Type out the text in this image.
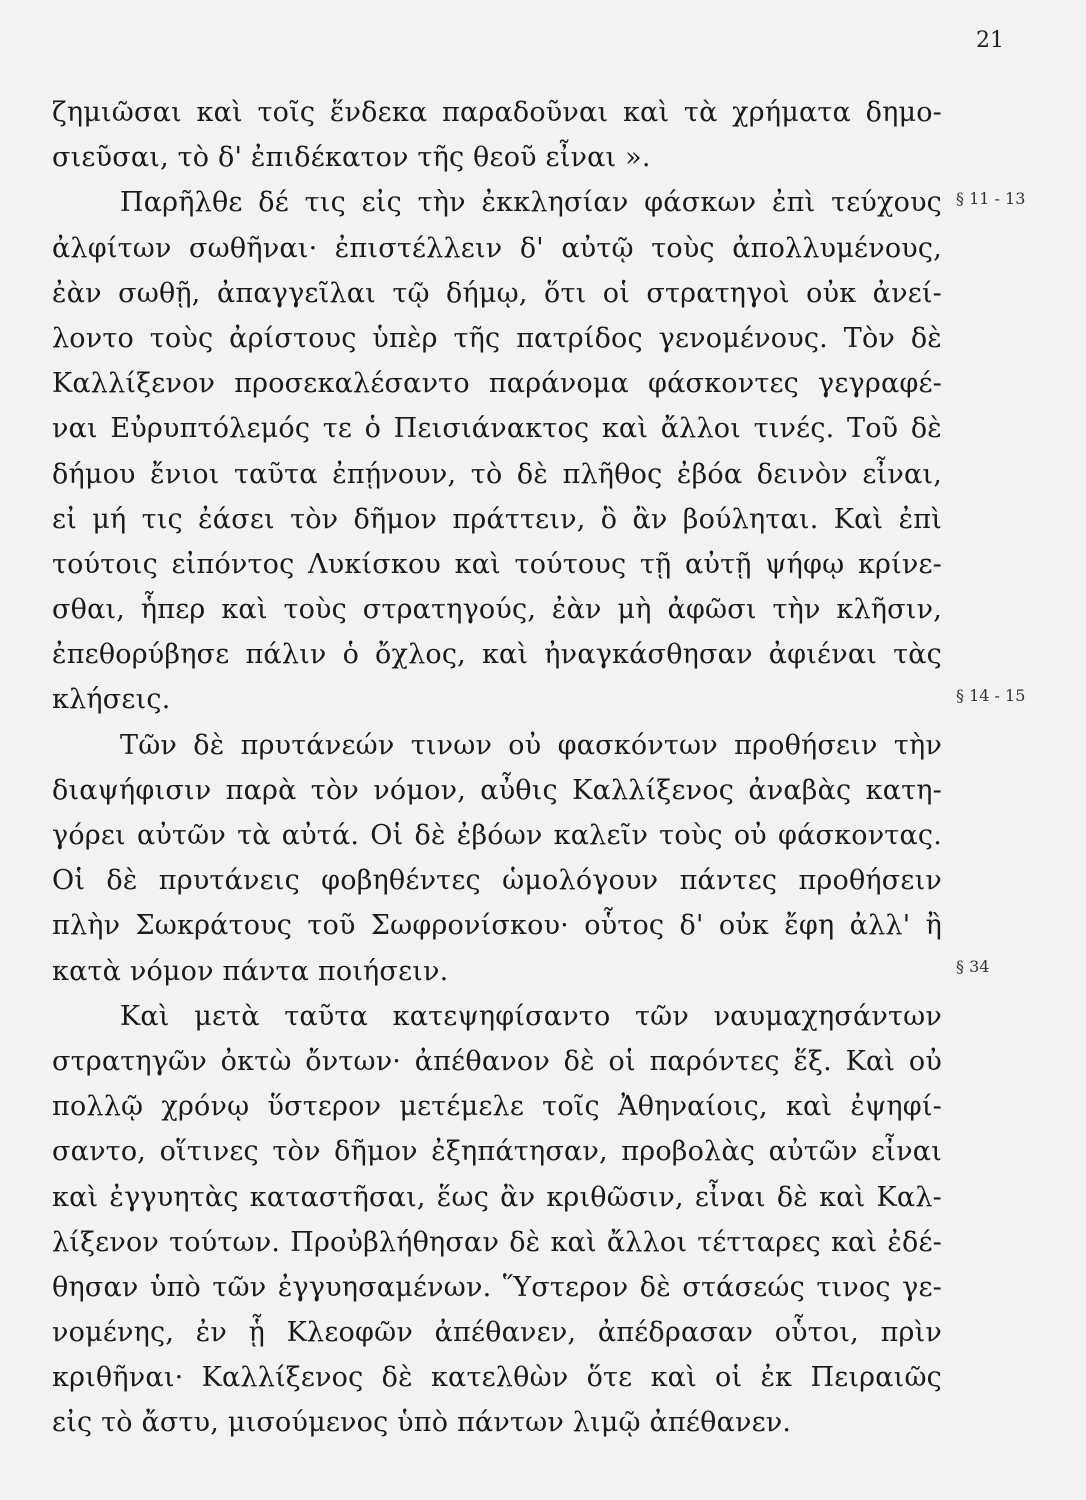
21
§ 11 - 13
§ 14 - 15
§ 34
ζημιῶσαι καὶ τοῖς ἕνδεκα παραδοῦναι καὶ τὰ χρήματα δημο-
σιεῦσαι, τὸ δ' ἐπιδέκατον τῆς θεοῦ εἶναι ».
Παρῆλθε δέ τις εἰς τὴν ἐκκλησίαν φάσκων ἐπὶ τεύχους
ἀλφίτων σωθῆναι· ἐπιστέλλειν δ' αὐτῷ τοὺς ἀπολλυμένους,
ἐὰν σωθῇ, ἀπαγγεῖλαι τῷ δήμῳ, ὅτι οἱ στρατηγοὶ οὐκ ἀνεί-
λοντο τοὺς ἀρίστους ὑπὲρ τῆς πατρίδος γενομένους. Τὸν δὲ
Καλλίξενον προσεκαλέσαντο παράνομα φάσκοντες γεγραφέ-
ναι Εὐρυπτόλεμός τε ὁ Πεισιάνακτος καὶ ἄλλοι τινές. Τοῦ δὲ
δήμου ἔνιοι ταῦτα ἐπῄνουν, τὸ δὲ πλῆθος ἐβόα δεινὸν εἶναι,
εἰ μή τις ἐάσει τὸν δῆμον πράττειν, ὃ ἂν βούληται. Καὶ ἐπὶ
τούτοις εἰπόντος Λυκίσκου καὶ τούτους τῇ αὐτῇ ψήφῳ κρίνε-
σθαι, ἧπερ καὶ τοὺς στρατηγούς, ἐὰν μὴ ἀφῶσι τὴν κλῆσιν,
ἐπεθορύβησε πάλιν ὁ ὄχλος, καὶ ἠναγκάσθησαν ἀφιέναι τὰς
κλήσεις.
Τῶν δὲ πρυτάνεών τινων οὐ φασκόντων προθήσειν τὴν
διαψήφισιν παρὰ τὸν νόμον, αὖθις Καλλίξενος ἀναβὰς κατη-
γόρει αὐτῶν τὰ αὐτά. Οἱ δὲ ἐβόων καλεῖν τοὺς οὐ φάσκοντας.
Οἱ δὲ πρυτάνεις φοβηθέντες ὡμολόγουν πάντες προθήσειν
πλὴν Σωκράτους τοῦ Σωφρονίσκου· οὗτος δ' οὐκ ἔφη ἀλλ' ἢ
κατὰ νόμον πάντα ποιήσειν.
Καὶ μετὰ ταῦτα κατεψηφίσαντο τῶν ναυμαχησάντων
στρατηγῶν ὀκτὼ ὄντων· ἀπέθανον δὲ οἱ παρόντες ἕξ. Καὶ οὐ
πολλῷ χρόνῳ ὕστερον μετέμελε τοῖς Ἀθηναίοις, καὶ ἐψηφί-
σαντο, οἵτινες τὸν δῆμον ἐξηπάτησαν, προβολὰς αὐτῶν εἶναι
καὶ ἐγγυητὰς καταστῆσαι, ἕως ἂν κριθῶσιν, εἶναι δὲ καὶ Καλ-
λίξενον τούτων. Προὐβλήθησαν δὲ καὶ ἄλλοι τέτταρες καὶ ἐδέ-
θησαν ὑπὸ τῶν ἐγγυησαμένων. Ὕστερον δὲ στάσεώς τινος γε-
νομένης, ἐν ᾗ Κλεοφῶν ἀπέθανεν, ἀπέδρασαν οὗτοι, πρὶν
κριθῆναι· Καλλίξενος δὲ κατελθὼν ὅτε καὶ οἱ ἐκ Πειραιῶς
εἰς τὸ ἄστυ, μισούμενος ὑπὸ πάντων λιμῷ ἀπέθανεν.
